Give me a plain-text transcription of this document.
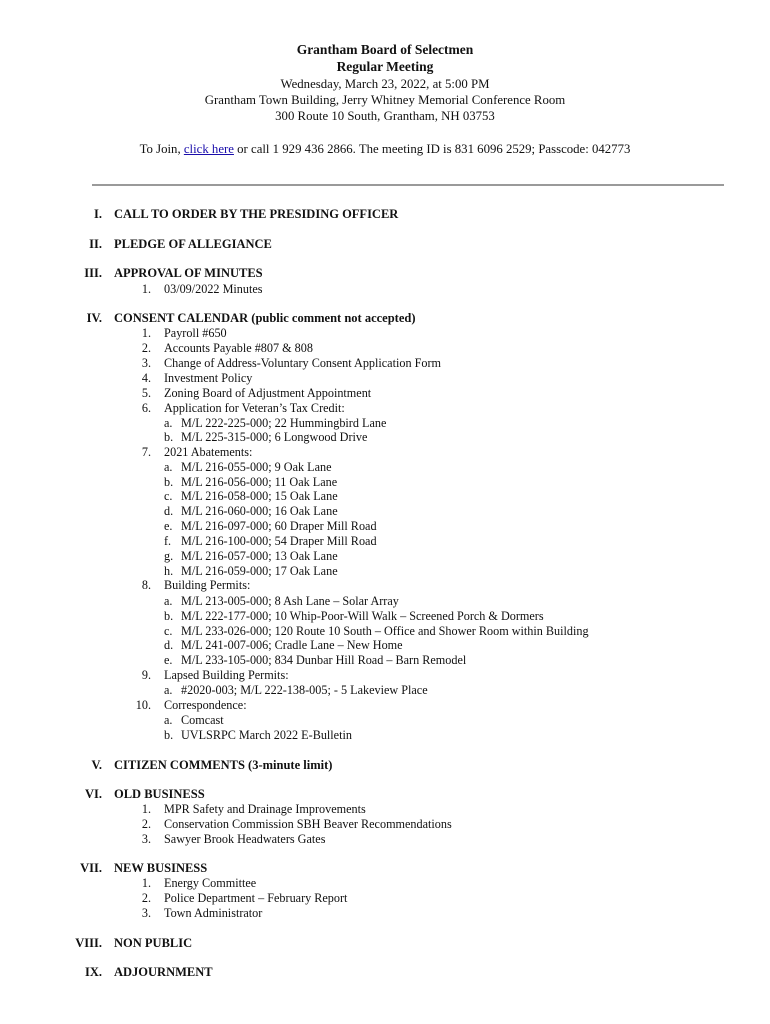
Grantham Board of Selectmen
Regular Meeting
Wednesday, March 23, 2022, at 5:00 PM
Grantham Town Building, Jerry Whitney Memorial Conference Room
300 Route 10 South, Grantham, NH 03753
To Join, click here or call 1 929 436 2866. The meeting ID is 831 6096 2529; Passcode: 042773
I. CALL TO ORDER BY THE PRESIDING OFFICER
II. PLEDGE OF ALLEGIANCE
III. APPROVAL OF MINUTES
1. 03/09/2022 Minutes
IV. CONSENT CALENDAR (public comment not accepted)
1. Payroll #650
2. Accounts Payable #807 & 808
3. Change of Address-Voluntary Consent Application Form
4. Investment Policy
5. Zoning Board of Adjustment Appointment
6. Application for Veteran’s Tax Credit:
7. 2021 Abatements:
8. Building Permits:
9. Lapsed Building Permits:
10. Correspondence:
a. M/L 222-225-000; 22 Hummingbird Lane
b. M/L 225-315-000; 6 Longwood Drive
a. M/L 216-055-000; 9 Oak Lane
b. M/L 216-056-000; 11 Oak Lane
c. M/L 216-058-000; 15 Oak Lane
d. M/L 216-060-000; 16 Oak Lane
e. M/L 216-097-000; 60 Draper Mill Road
f. M/L 216-100-000; 54 Draper Mill Road
g. M/L 216-057-000; 13 Oak Lane
h. M/L 216-059-000; 17 Oak Lane
a. M/L 213-005-000; 8 Ash Lane – Solar Array
b. M/L 222-177-000; 10 Whip-Poor-Will Walk – Screened Porch & Dormers
c. M/L 233-026-000; 120 Route 10 South – Office and Shower Room within Building
d. M/L 241-007-006; Cradle Lane – New Home
e. M/L 233-105-000; 834 Dunbar Hill Road – Barn Remodel
a. #2020-003; M/L 222-138-005; - 5 Lakeview Place
a. Comcast
b. UVLSRPC March 2022 E-Bulletin
V. CITIZEN COMMENTS (3-minute limit)
VI. OLD BUSINESS
1. MPR Safety and Drainage Improvements
2. Conservation Commission SBH Beaver Recommendations
3. Sawyer Brook Headwaters Gates
VII. NEW BUSINESS
1. Energy Committee
2. Police Department – February Report
3. Town Administrator
VIII. NON PUBLIC
IX. ADJOURNMENT
